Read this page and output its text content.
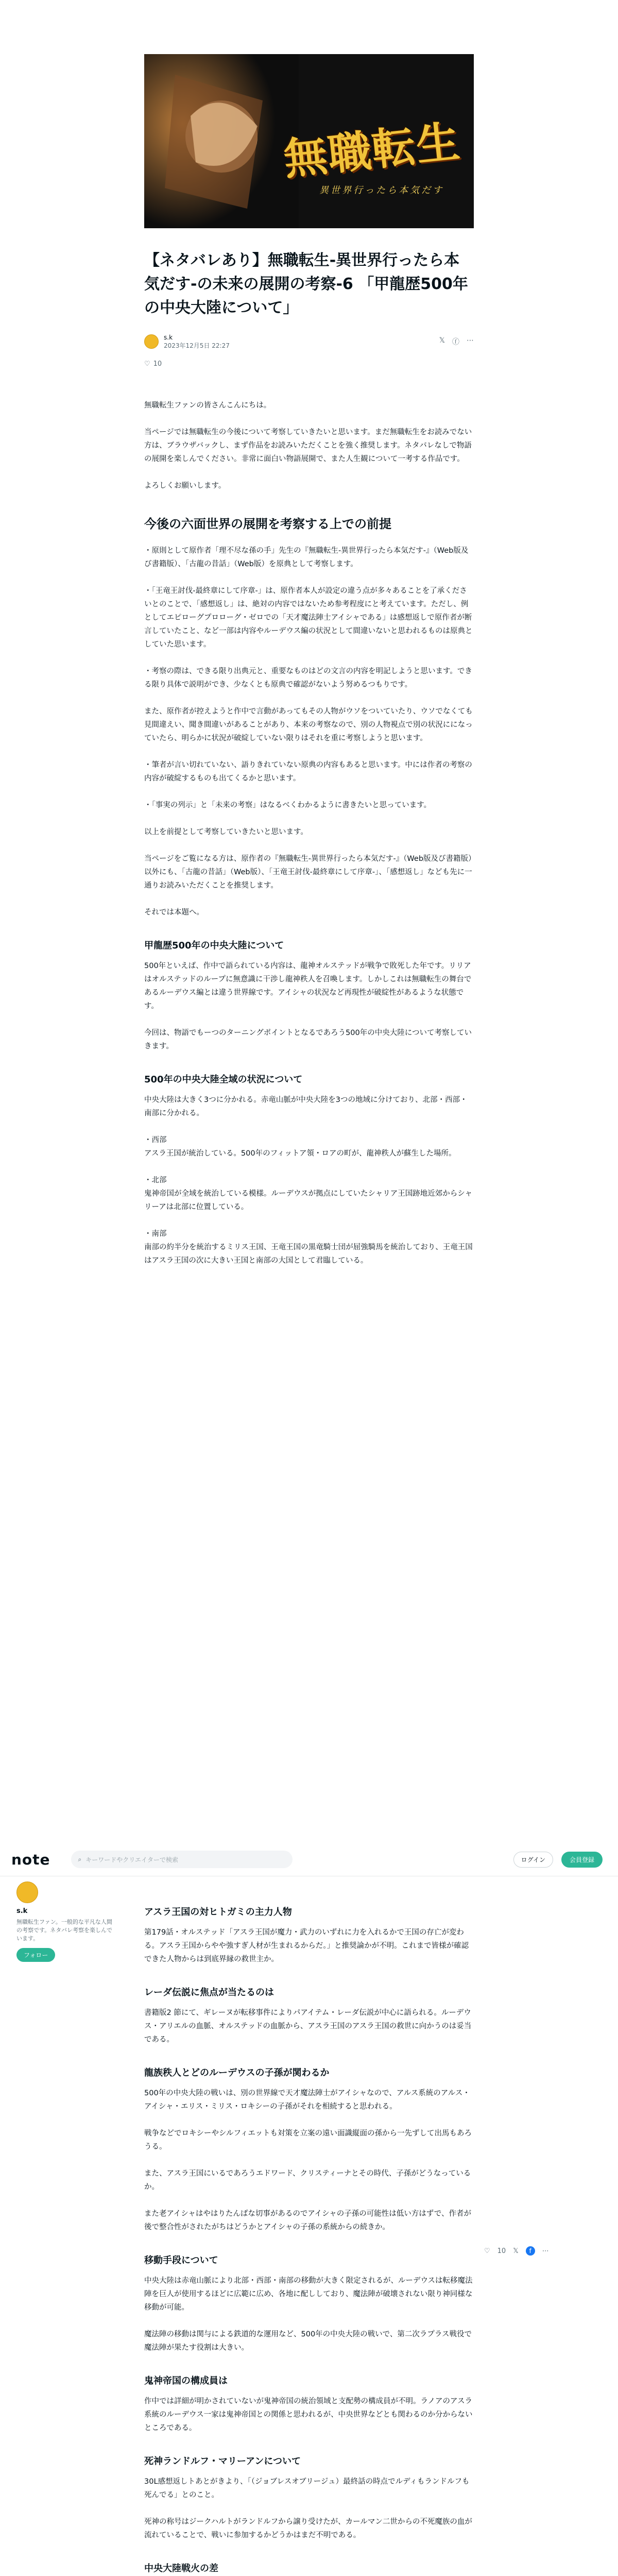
無職転生
異世界行ったら本気だす
【ネタバレあり】無職転生-異世界行ったら本気だす-の未来の展開の考察-6 「甲龍歴500年の中央大陸について」
s.k
2023年12月5日 22:27
𝕏 ⓕ ⋯
♡ 10

無職転生ファンの皆さんこんにちは。

当ページでは無職転生の今後について考察していきたいと思います。まだ無職転生をお読みでない方は、ブラウザバックし、まず作品をお読みいただくことを強く推奨します。ネタバレなしで物語の展開を楽しんでください。非常に面白い物語展開で、また人生観について一考する作品です。

よろしくお願いします。

今後の六面世界の展開を考察する上での前提

・原則として原作者「理不尽な孫の手」先生の『無職転生-異世界行ったら本気だす-』（Web版及び書籍版）、「古龍の昔話」（Web版）を原典として考察します。

・「王竜王討伐-最終章にして序章-」は、原作者本人が設定の違う点が多々あることを了承くださいとのことで、「感想返し」は、絶対の内容ではないため参考程度にと考えています。ただし、例としてエピローグプロローグ・ゼロでの「天才魔法陣士アイシャである」は感想返しで原作者が断言していたこと、など一部は内容やルーデウス編の状況として間違いないと思われるものは原典としていた思います。

・考察の際は、できる限り出典元と、重要なものはどの文言の内容を明記しようと思います。できる限り具体で説明ができ、少なくとも原典で確認がないよう努めるつもりです。

また、原作者が控えようと作中で言動があってもその人物がウソをついていたり、ウソでなくても見間違えい、聞き間違いがあることがあり、本来の考察なので、別の人物視点で別の状況にになっていたら、明らかに状況が破綻していない限りはそれを重に考察しようと思います。

・筆者が言い切れていない、語りきれていない原典の内容もあると思います。中には作者の考察の内容が破綻するものも出てくるかと思います。

・「事実の列示」と「未来の考察」はなるべくわかるように書きたいと思っています。

以上を前提として考察していきたいと思います。

当ページをご覧になる方は、原作者の『無職転生-異世界行ったら本気だす-』（Web版及び書籍版）以外にも、「古龍の昔話」（Web版）、「王竜王討伐-最終章にして序章-」、「感想返し」なども先に一通りお読みいただくことを推奨します。

それでは本題へ。

甲龍歴500年の中央大陸について

500年といえば、作中で語られている内容は、龍神オルステッドが戦争で敗死した年です。リリアはオルステッドのループに無意識に干渉し龍神秩人を召喚します。しかしこれは無職転生の舞台であるルーデウス編とは違う世界線です。アイシャの状況など再現性が破綻性があるような状態です。

今回は、物語でもーつのターニングポイントとなるであろう500年の中央大陸について考察していきます。

500年の中央大陸全域の状況について

中央大陸は大きく3つに分かれる。赤竜山脈が中央大陸を3つの地域に分けており、北部・西部・南部に分かれる。

・西部

アスラ王国が統治している。500年のフィットア領・ロアの町が、龍神秩人が蘇生した場所。

・北部

鬼神帝国が全域を統治している模様。ルーデウスが拠点にしていたシャリア王国跡地近郊からシャリーアは北部に位置している。

・南部

南部の約半分を統治するミリス王国、王竜王国の黒竜騎士団が屈強騎馬を統治しており、王竜王国はアスラ王国の次に大きい王国と南部の大国として君臨している。

note	⌕ キーワードやクリエイターで検索	ログイン	会員登録
s.k
無職転生ファン。一般的な平凡な人間の考察です。ネタバレ考察を楽しんでいます。
フォロー
アスラ王国の対ヒトガミの主力人物

第179話・オルステッド「アスラ王国が魔力・武力のいずれに力を入れるかで王国の存亡が変わる。アスラ王国からやや強すぎ人材が生まれるからだ。」と推奨論かが不明。これまで皆様が確認できた人物からは到底界縁の救世主か。

レーダ伝説に焦点が当たるのは

書籍版2 節にて、ギレーヌが転移事件によりパアイテム・レーダ伝説が中心に語られる。ルーデウス・アリエルの血脈、オルステッドの血脈から、アスラ王国のアスラ王国の救世に向かうのは妥当である。

龍族秩人とどのルーデウスの子孫が関わるか

500年の中央大陸の戦いは、別の世界線で天才魔法陣士がアイシャなので、アルス系統のアルス・アイシャ・エリス・ミリス・ロキシーの子孫がそれを相続すると思われる。

戦争などでロキシーやシルフィエットも対策を立案の遠い面識縦面の孫から一先ずして出馬もあろうる。

また、アスラ王国にいるであろうエドワード、クリスティーナとその時代、子孫がどうなっているか。

また老アイシャはやはりたんばな切事があるのでアイシャの子孫の可能性は低い方はずで、作者が後で整合性がされたがちはどうかとアイシャの子孫の系統からの続きか。

移動手段について

中央大陸は赤竜山脈により北部・西部・南部の移動が大きく限定されるが、ルーデウスは転移魔法陣を巨人が使用するほどに広範に広め、各地に配ししており、魔法陣が破壊されない限り神同様な移動が可能。

魔法陣の移動は関与による鉄道的な運用など、500年の中央大陸の戦いで、第二次ラプラス戦役で魔法陣が果たす役割は大きい。

鬼神帝国の構成員は

作中では詳細が明かされていないが鬼神帝国の統治領域と支配勢の構成員が不明。ラノアのアスラ系統のルーデウス一家は鬼神帝国との関係と思われるが、中央世界などとも関わるのか分からないところである。

死神ランドルフ・マリーアンについて

30L感想返しトあとがきより、「（ジョブレスオブリージュ）最終話の時点でルディもランドルフも死んでる」とのこと。

死神の称号はジークハルトがランドルフから譲り受けたが、カールマン二世からの不死魔族の血が流れていることで、戦いに参加するかどうかはまだ不明である。

中央大陸戦火の差

♡ 10 𝕏	f	⋯
